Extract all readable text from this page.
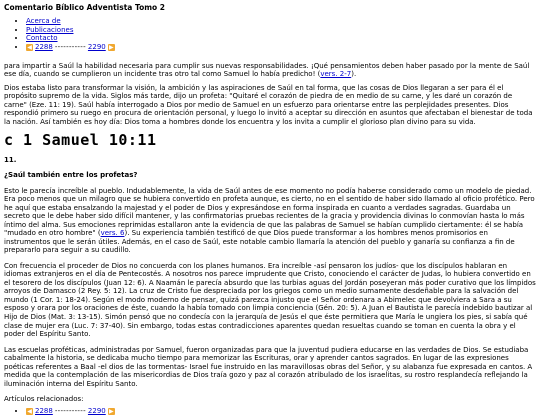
Comentario Bíblico Adventista Tomo 2
• Acerca de
• Publicaciones
• Contacto
• ◀ 2288 ----------- 2290 ▶

para impartir a Saúl la habilidad necesaria para cumplir sus nuevas responsabilidades. ¡Qué pensamientos deben haber pasado por la mente de Saúl ese día, cuando se cumplieron un incidente tras otro tal como Samuel lo había predicho! (vers. 2-7).

Dios estaba listo para transformar la visión, la ambición y las aspiraciones de Saúl en tal forma, que las cosas de Dios llegaran a ser para él el propósito supremo de la vida. Siglos más tarde, dijo un profeta: "Quitaré el corazón de piedra de en medio de su carne, y les daré un corazón de carne" (Eze. 11: 19). Saúl había interrogado a Dios por medio de Samuel en un esfuerzo para orientarse entre las perplejidades presentes. Dios respondió primero su ruego en procura de orientación personal, y luego lo invitó a aceptar su dirección en asuntos que afectaban el bienestar de toda la nación. Así también es hoy día: Dios toma a hombres donde los encuentra y los invita a cumplir el glorioso plan divino para su vida.

c 1 Samuel 10:11
11.
¿Saúl también entre los profetas?

Esto le parecía increíble al pueblo. Indudablemente, la vida de Saúl antes de ese momento no podía haberse considerado como un modelo de piedad. Era poco menos que un milagro que se hubiera convertido en profeta aunque, es cierto, no en el sentido de haber sido llamado al oficio profético. Pero he aquí que estaba ensalzando la majestad y el poder de Dios y expresándose en forma inspirada en cuanto a verdades sagradas. Guardaba un secreto que le debe haber sido difícil mantener, y las confirmatorias pruebas recientes de la gracia y providencia divinas lo conmovían hasta lo más íntimo del alma. Sus emociones reprimidas estallaron ante la evidencia de que las palabras de Samuel se habían cumplido ciertamente: él se había "mudado en otro hombre" (vers. 6). Su experiencia también testificó de que Dios puede transformar a los hombres menos promisorios en instrumentos que le serán útiles. Además, en el caso de Saúl, este notable cambio llamaría la atención del pueblo y ganaría su confianza a fin de prepararlo para seguir a su caudillo.

Con frecuencia el proceder de Dios no concuerda con los planes humanos. Era increíble -así pensaron los judíos- que los discípulos hablaran en idiomas extranjeros en el día de Pentecostés. A nosotros nos parece imprudente que Cristo, conociendo el carácter de Judas, lo hubiera convertido en el tesorero de los discípulos (Juan 12: 6). A Naamán le parecía absurdo que las turbias aguas del Jordán poseyeran más poder curativo que los límpidos arroyos de Damasco (2 Rey. 5: 12). La cruz de Cristo fue despreciada por los griegos como un medio sumamente desdeñable para la salvación del mundo (1 Cor. 1: 18-24). Según el modo moderno de pensar, quizá parezca injusto que el Señor ordenara a Abimelec que devolviera a Sara a su esposo y orara por los oraciones de éste, cuando la había tomado con limpia conciencia (Gén. 20: 5). A Juan el Bautista le parecía indebido bautizar al Hijo de Dios (Mat. 3: 13-15). Simón pensó que no condecía con la jerarquía de Jesús el que éste permitiera que María le ungiera los pies, si sabía qué clase de mujer era (Luc. 7: 37-40). Sin embargo, todas estas contradicciones aparentes quedan resueltas cuando se toman en cuenta la obra y el poder del Espíritu Santo.

Las escuelas proféticas, administradas por Samuel, fueron organizadas para que la juventud pudiera educarse en las verdades de Dios. Se estudiaba cabalmente la historia, se dedicaba mucho tiempo para memorizar las Escrituras, orar y aprender cantos sagrados. En lugar de las expresiones poéticas referentes a Baal -el dios de las tormentas- Israel fue instruido en las maravillosas obras del Señor, y su alabanza fue expresada en cantos. A medida que la contemplación de las misericordias de Dios traía gozo y paz al corazón atribulado de los israelitas, su rostro resplandecía reflejando la iluminación interna del Espíritu Santo.

Artículos relacionados:
• ◀ 2288 ----------- 2290 ▶
